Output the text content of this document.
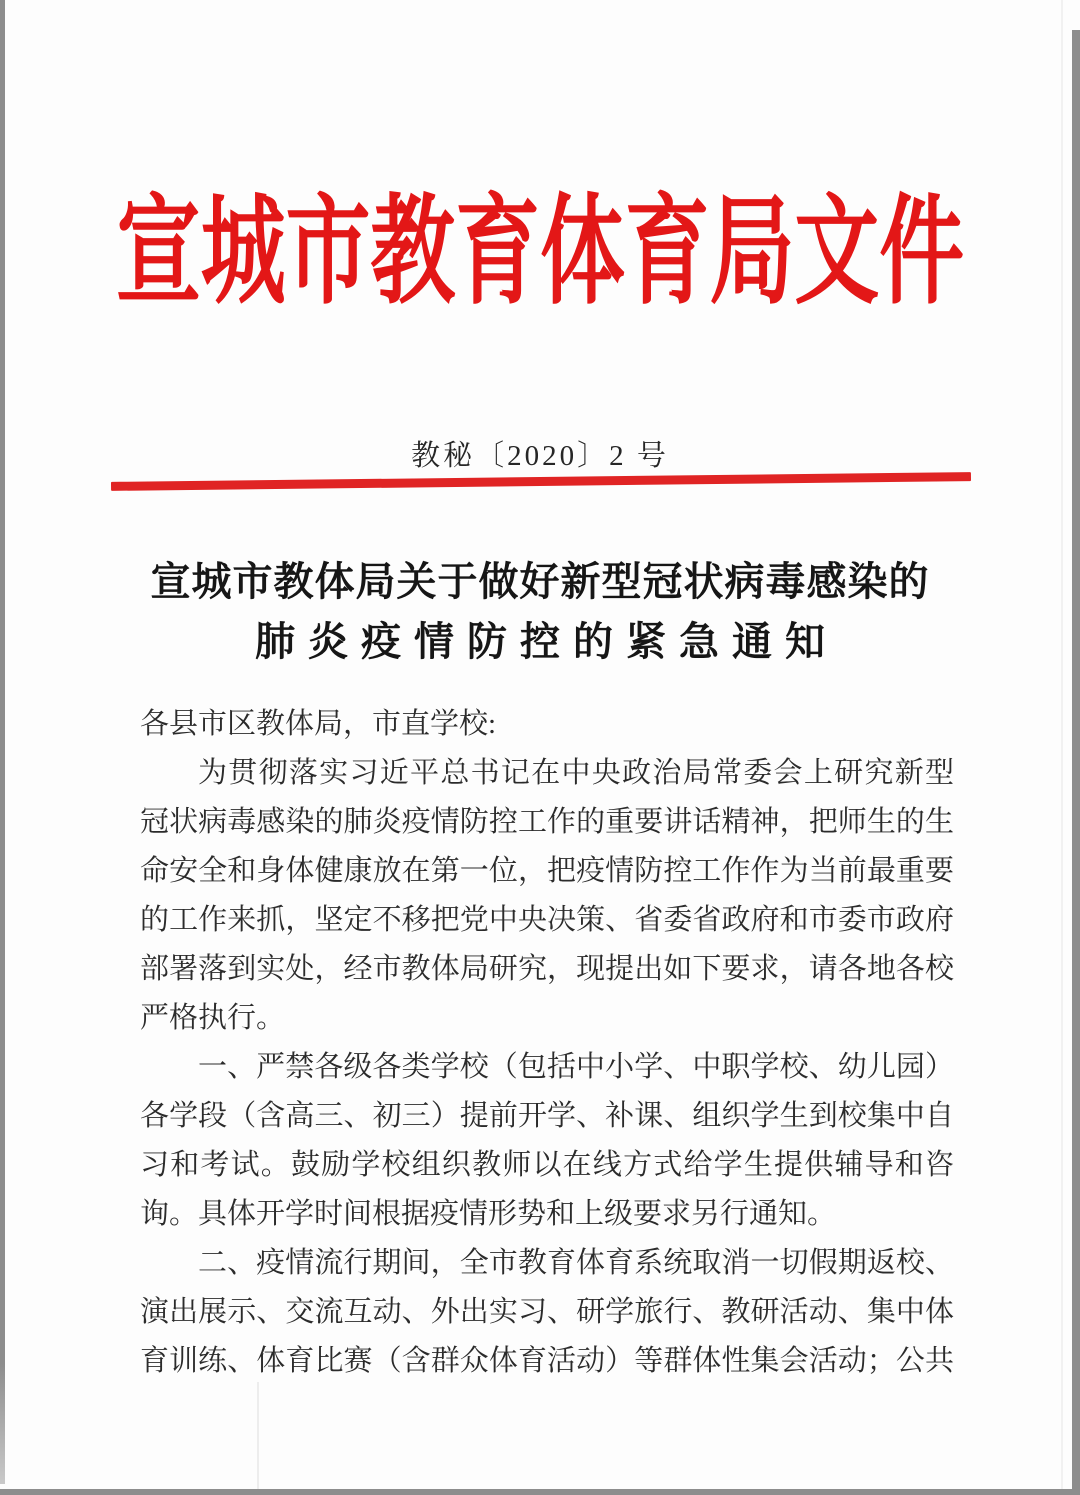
宣城市教育体育局文件
教秘〔2020〕2 号
宣城市教体局关于做好新型冠状病毒感染的
肺炎疫情防控的紧急通知
各县市区教体局，市直学校:
为贯彻落实习近平总书记在中央政治局常委会上研究新型
冠状病毒感染的肺炎疫情防控工作的重要讲话精神，把师生的生
命安全和身体健康放在第一位，把疫情防控工作作为当前最重要
的工作来抓，坚定不移把党中央决策、省委省政府和市委市政府
部署落到实处，经市教体局研究，现提出如下要求，请各地各校
严格执行。
一、严禁各级各类学校（包括中小学、中职学校、幼儿园）
各学段（含高三、初三）提前开学、补课、组织学生到校集中自
习和考试。鼓励学校组织教师以在线方式给学生提供辅导和咨
询。具体开学时间根据疫情形势和上级要求另行通知。
二、疫情流行期间，全市教育体育系统取消一切假期返校、
演出展示、交流互动、外出实习、研学旅行、教研活动、集中体
育训练、体育比赛（含群众体育活动）等群体性集会活动；公共
